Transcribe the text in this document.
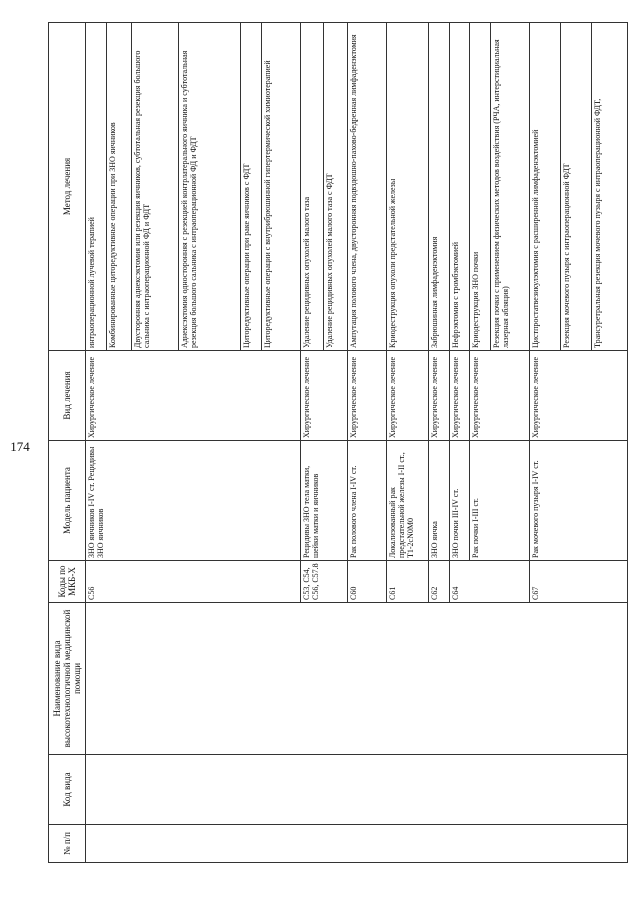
174
№ п/п	Код вида	Наименование вида высокотехнологичной медицинской помощи	Коды по МКБ-Х	Модель пациента	Вид лечения	Метод лечения
			C56	ЗНО яичников I-IV ст. Рецидивы ЗНО яичников	Хирургическое лечение	интраоперационной лучевой терапией
						Комбинированные циторедуктивные операции при ЗНО яичников
						Двусторонняя аднексэктомия или резекция яичников, субтотальная резекция большого сальника с интраоперационной ФД и ФДТ
						Аднексэктомия односторонняя с резекцией контрлатерального яичника и субтотальная резекция большого сальника с интраоперационной ФД и ФДТ
						Циторедуктивные операции при раке яичников с ФДТ
						Циторедуктивные операции с внутрибрюшинной гипертермической химиотерапией
			C53, C54, C56, C57.8	Рецидивы ЗНО тела матки, шейки матки и яичников	Хирургическое лечение	Удаление рецидивных опухолей малого таза
						Удаление рецидивных опухолей малого таза с ФДТ
			C60	Рак полового члена I-IV ст.	Хирургическое лечение	Ампутация полового члена, двусторонняя подвздошно-пахово-бедренная лимфаденэктомия
			C61	Локализованный рак предстательной железы I-II ст., T1-2cN0M0	Хирургическое лечение	Криодеструкция опухоли предстательной железы
			C62	ЗНО яичка	Хирургическое лечение	Забрюшинная лимфаденэктомия
			C64	ЗНО почки III-IV ст.	Хирургическое лечение	Нефрэктомия с тромбэктомией
				Рак почки I-III ст.	Хирургическое лечение	Криодеструкция ЗНО почки
						Резекция почки с применением физических методов воздействия (РЧА, интерстициальная лазерная абляция)
			C67	Рак мочевого пузыря I-IV ст.	Хирургическое лечение	Цистпростатвезикулэктомия с расширенной лимфаденэктомией
						Резекция мочевого пузыря с интраоперационной ФДТ
						Трансуретральная резекция мочевого пузыря с интраоперационной ФДТ,
